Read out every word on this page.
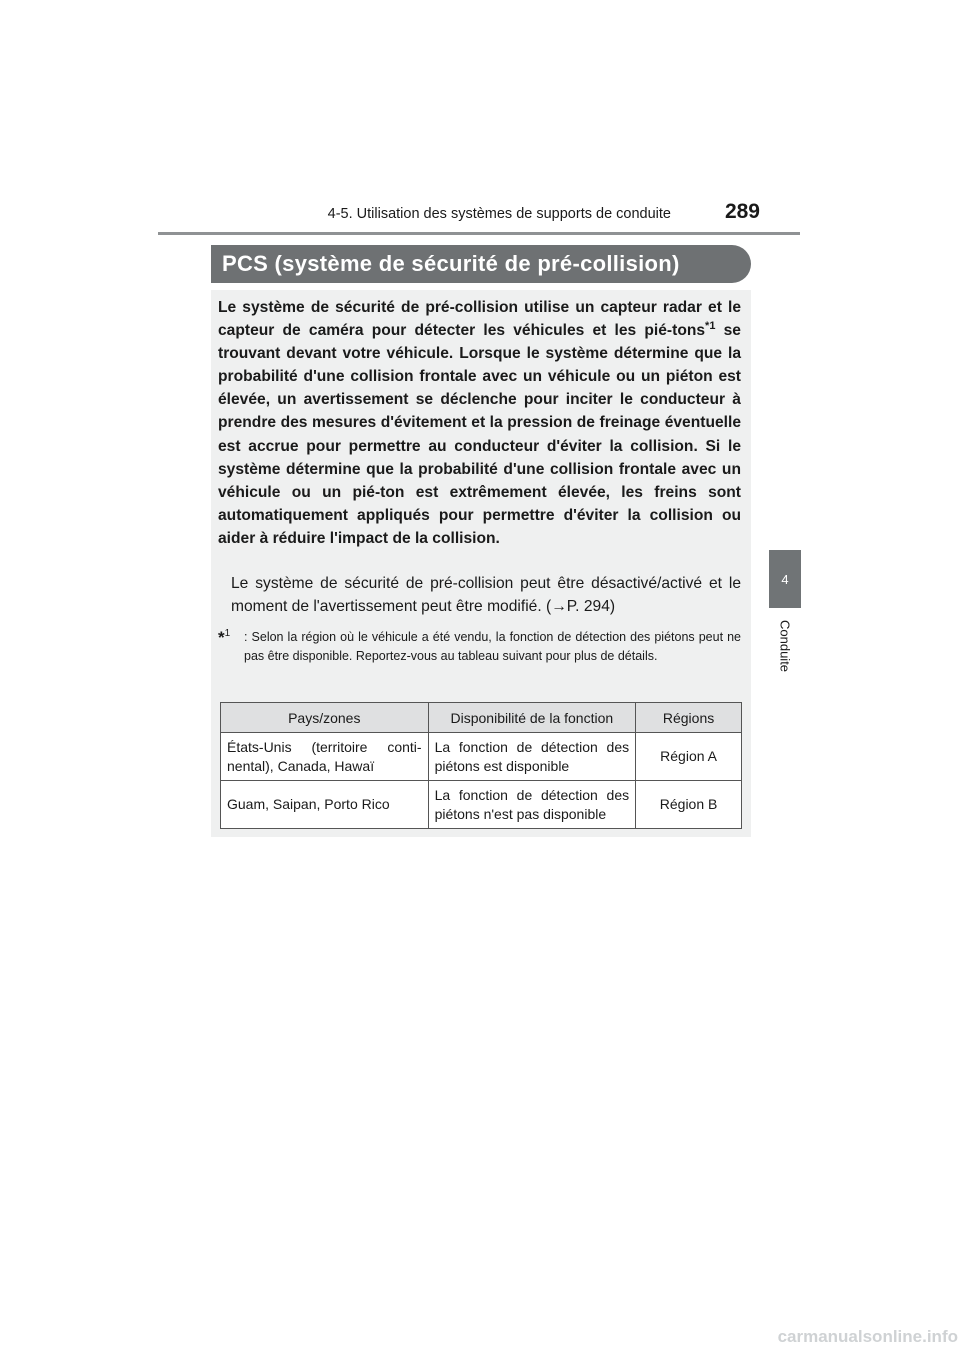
4-5. Utilisation des systèmes de supports de conduite	289
4
Conduite
PCS (système de sécurité de pré-collision)

Le système de sécurité de pré-collision utilise un capteur radar et le capteur de caméra pour détecter les véhicules et les pié-tons$^{*1}$ se trouvant devant votre véhicule. Lorsque le système détermine que la probabilité d'une collision frontale avec un véhicule ou un piéton est élevée, un avertissement se déclenche pour inciter le conducteur à prendre des mesures d'évitement et la pression de freinage éventuelle est accrue pour permettre au conducteur d'éviter la collision. Si le système détermine que la probabilité d'une collision frontale avec un véhicule ou un pié-ton est extrêmement élevée, les freins sont automatiquement appliqués pour permettre d'éviter la collision ou aider à réduire l'impact de la collision.

Le système de sécurité de pré-collision peut être désactivé/activé et le moment de l'avertissement peut être modifié. (→P. 294)

*$^1$	: Selon la région où le véhicule a été vendu, la fonction de détection des piétons peut ne pas être disponible. Reportez-vous au tableau suivant pour plus de détails.

Pays/zones	Disponibilité de la fonction	Régions
États-Unis (territoire conti-nental), Canada, Hawaï	La fonction de détection des piétons est disponible	Région A
Guam, Saipan, Porto Rico	La fonction de détection des piétons n'est pas disponible	Région B
carmanualsonline.info
